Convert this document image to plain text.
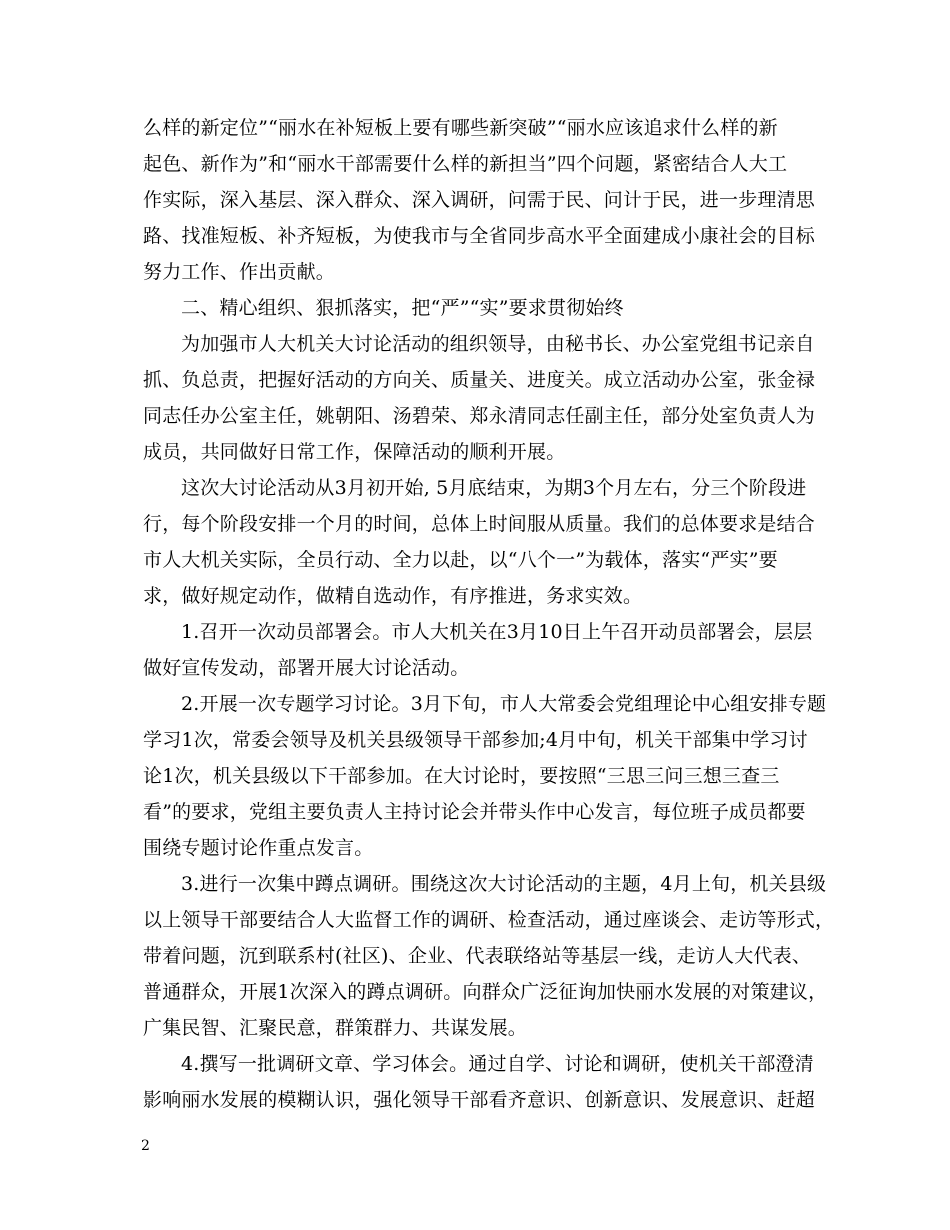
么样的新定位”“丽水在补短板上要有哪些新突破”“丽水应该追求什么样的新
起色、新作为”和“丽水干部需要什么样的新担当”四个问题，紧密结合人大工
作实际，深入基层、深入群众、深入调研，问需于民、问计于民，进一步理清思
路、找准短板、补齐短板，为使我市与全省同步高水平全面建成小康社会的目标
努力工作、作出贡献。
二、精心组织、狠抓落实，把“严”“实”要求贯彻始终
为加强市人大机关大讨论活动的组织领导，由秘书长、办公室党组书记亲自
抓、负总责，把握好活动的方向关、质量关、进度关。成立活动办公室，张金禄
同志任办公室主任，姚朝阳、汤碧荣、郑永清同志任副主任，部分处室负责人为
成员，共同做好日常工作，保障活动的顺利开展。
这次大讨论活动从3月初开始, 5月底结束，为期3个月左右，分三个阶段进
行，每个阶段安排一个月的时间，总体上时间服从质量。我们的总体要求是结合
市人大机关实际，全员行动、全力以赴，以“八个一”为载体，落实“严实”要
求，做好规定动作，做精自选动作，有序推进，务求实效。
1.召开一次动员部署会。市人大机关在3月10日上午召开动员部署会，层层
做好宣传发动，部署开展大讨论活动。
2.开展一次专题学习讨论。3月下旬，市人大常委会党组理论中心组安排专题
学习1次，常委会领导及机关县级领导干部参加;4月中旬，机关干部集中学习讨
论1次，机关县级以下干部参加。在大讨论时，要按照“三思三问三想三查三
看”的要求，党组主要负责人主持讨论会并带头作中心发言，每位班子成员都要
围绕专题讨论作重点发言。
3.进行一次集中蹲点调研。围绕这次大讨论活动的主题，4月上旬，机关县级
以上领导干部要结合人大监督工作的调研、检查活动，通过座谈会、走访等形式，
带着问题，沉到联系村(社区)、企业、代表联络站等基层一线，走访人大代表、
普通群众，开展1次深入的蹲点调研。向群众广泛征询加快丽水发展的对策建议，
广集民智、汇聚民意，群策群力、共谋发展。
4.撰写一批调研文章、学习体会。通过自学、讨论和调研，使机关干部澄清
影响丽水发展的模糊认识，强化领导干部看齐意识、创新意识、发展意识、赶超
2
